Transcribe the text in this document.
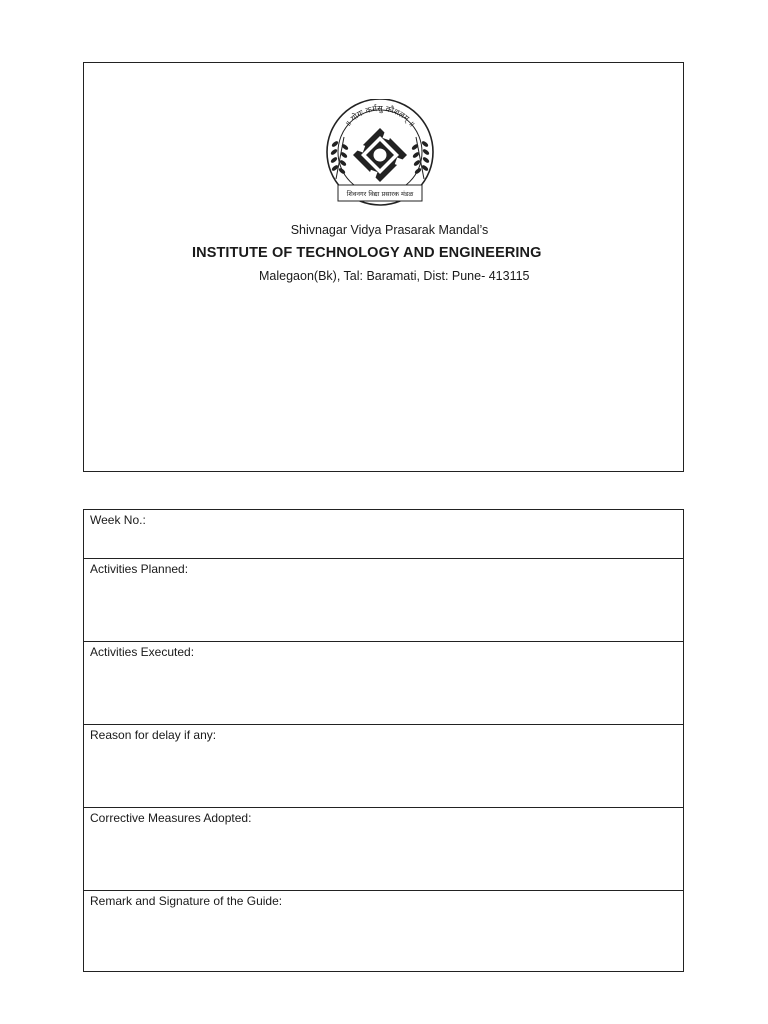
॥ योगः कर्मसु कौशलम् ॥
शिवनगर विद्या प्रसारक मंडळ
Shivnagar Vidya Prasarak Mandal’s
INSTITUTE OF TECHNOLOGY AND ENGINEERING
Malegaon(Bk), Tal: Baramati, Dist: Pune- 413115
Week No.:
Activities Planned:
Activities Executed:
Reason for delay if any:
Corrective Measures Adopted:
Remark and Signature of the Guide:
